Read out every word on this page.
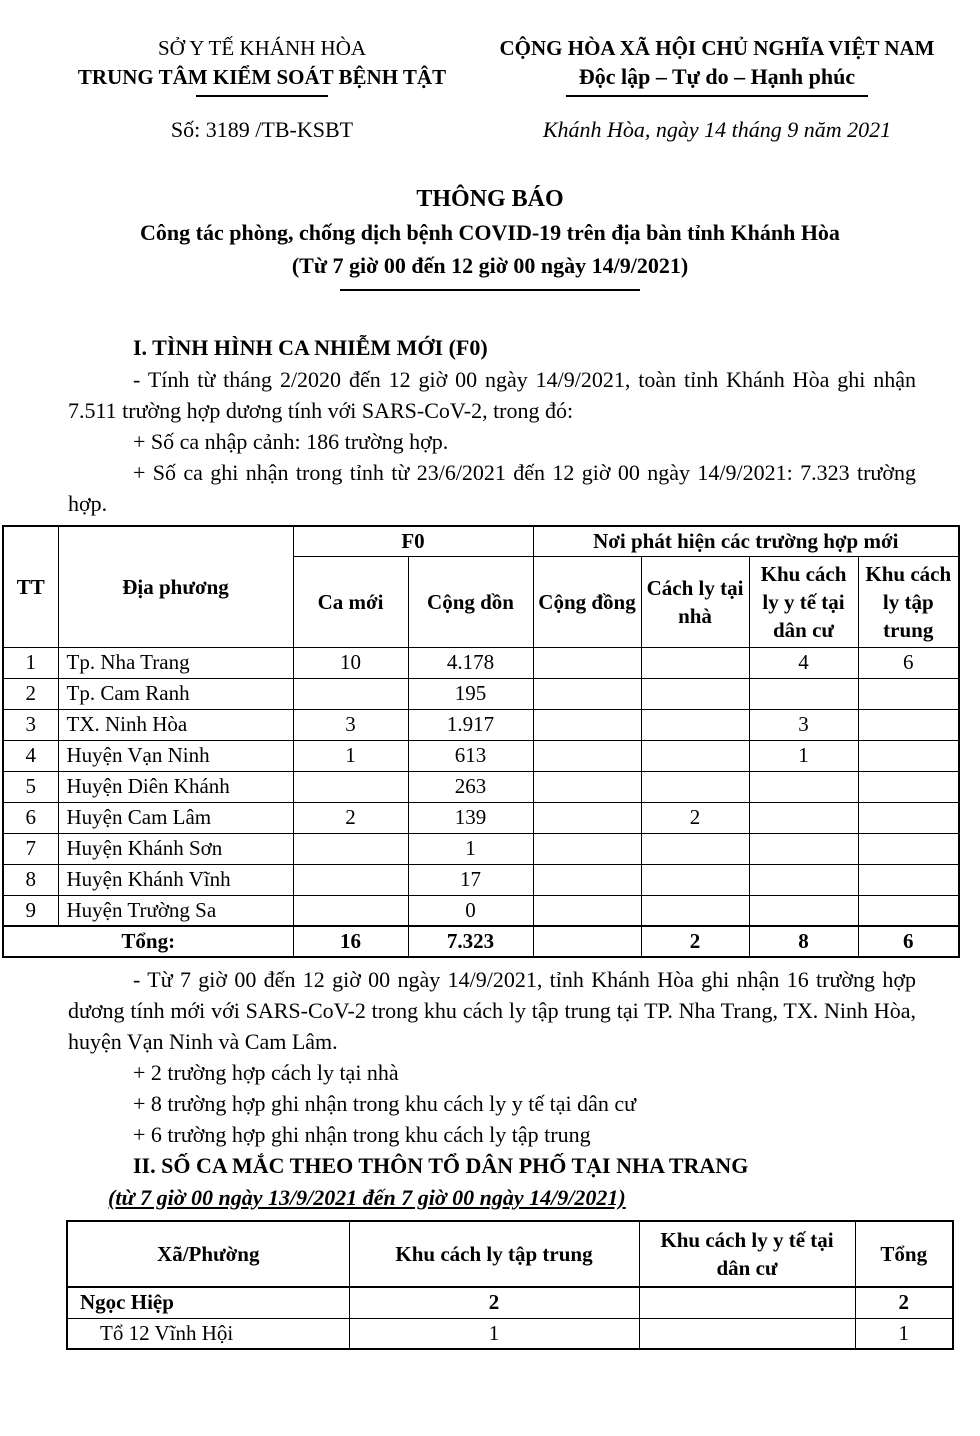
SỞ Y TẾ KHÁNH HÒA
TRUNG TÂM KIỂM SOÁT BỆNH TẬT
Số: 3189 /TB-KSBT
CỘNG HÒA XÃ HỘI CHỦ NGHĨA VIỆT NAM
Độc lập – Tự do – Hạnh phúc
Khánh Hòa, ngày 14 tháng 9 năm 2021
THÔNG BÁO
Công tác phòng, chống dịch bệnh COVID-19 trên địa bàn tỉnh Khánh Hòa
(Từ 7 giờ 00 đến 12 giờ 00 ngày 14/9/2021)

I. TÌNH HÌNH CA NHIỄM MỚI (F0)

- Tính từ tháng 2/2020 đến 12 giờ 00 ngày 14/9/2021, toàn tỉnh Khánh Hòa ghi nhận 7.511 trường hợp dương tính với SARS-CoV-2, trong đó:

+ Số ca nhập cảnh: 186 trường hợp.

+ Số ca ghi nhận trong tỉnh từ 23/6/2021 đến 12 giờ 00 ngày 14/9/2021: 7.323 trường hợp.

TT	Địa phương	F0		Nơi phát hiện các trường hợp mới			
		Ca mới	Cộng dồn	Cộng đồng	Cách ly tại nhà	Khu cách ly y tế tại dân cư	Khu cách ly tập trung
1	Tp. Nha Trang	10	4.178			4	6
2	Tp. Cam Ranh		195				
3	TX. Ninh Hòa	3	1.917			3	
4	Huyện Vạn Ninh	1	613			1	
5	Huyện Diên Khánh		263				
6	Huyện Cam Lâm	2	139		2		
7	Huyện Khánh Sơn		1				
8	Huyện Khánh Vĩnh		17				
9	Huyện Trường Sa		0				
Tổng:		16	7.323		2	8	6

- Từ 7 giờ 00 đến 12 giờ 00 ngày 14/9/2021, tỉnh Khánh Hòa ghi nhận 16 trường hợp dương tính mới với SARS-CoV-2 trong khu cách ly tập trung tại TP. Nha Trang, TX. Ninh Hòa, huyện Vạn Ninh và Cam Lâm.

+ 2 trường hợp cách ly tại nhà

+ 8 trường hợp ghi nhận trong khu cách ly y tế tại dân cư

+ 6 trường hợp ghi nhận trong khu cách ly tập trung

II. SỐ CA MẮC THEO THÔN TỔ DÂN PHỐ TẠI NHA TRANG

(từ 7 giờ 00 ngày 13/9/2021 đến 7 giờ 00 ngày 14/9/2021)

Xã/Phường	Khu cách ly tập trung	Khu cách ly y tế tại dân cư	Tổng
Ngọc Hiệp	2		2
Tổ 12 Vĩnh Hội	1		1
